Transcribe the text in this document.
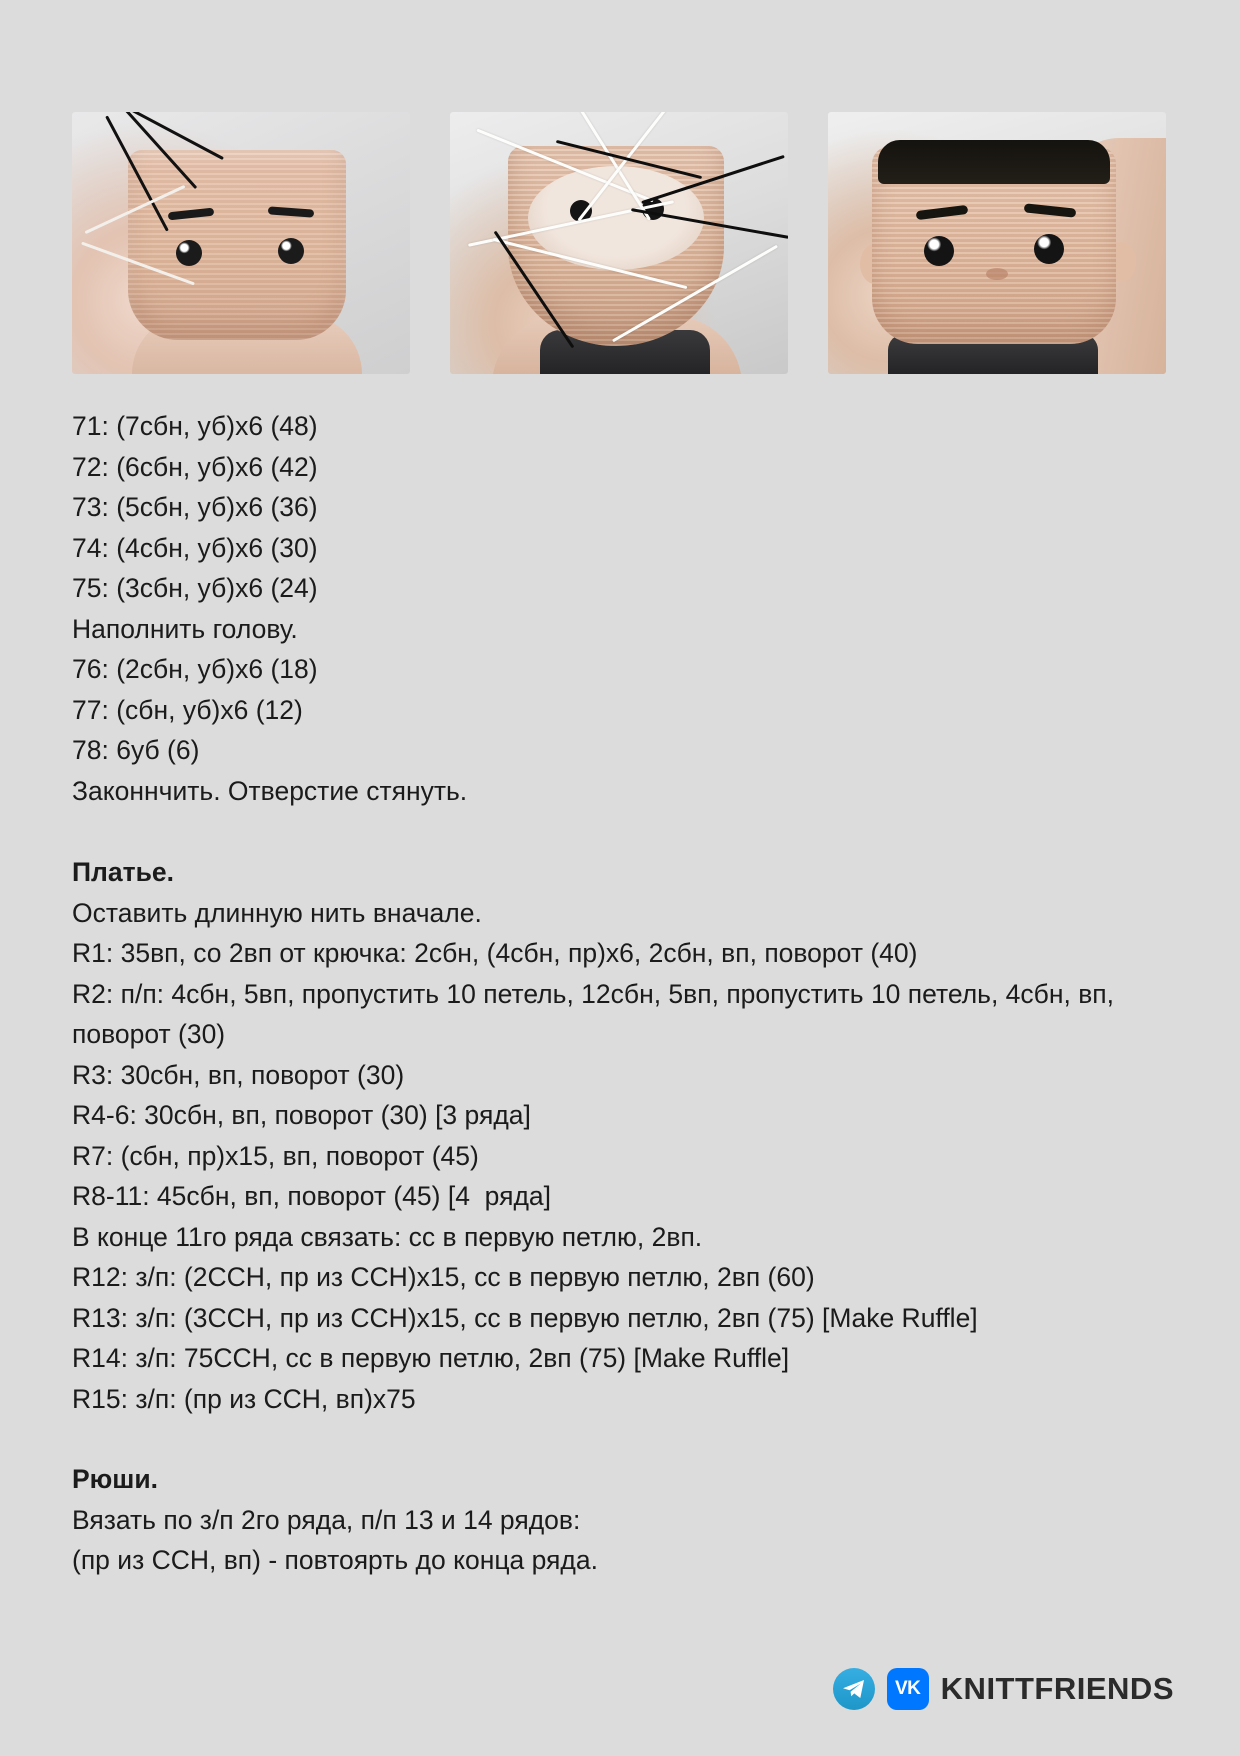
71: (7сбн, уб)х6 (48)
72: (6сбн, уб)х6 (42)
73: (5сбн, уб)х6 (36)
74: (4сбн, уб)х6 (30)
75: (3сбн, уб)х6 (24)
Наполнить голову.
76: (2сбн, уб)х6 (18)
77: (сбн, уб)х6 (12)
78: 6уб (6)
Законнчить. Отверстие стянуть.
Платье.
Оставить длинную нить вначале.
R1: 35вп, со 2вп от крючка: 2сбн, (4сбн, пр)х6, 2сбн, вп, поворот (40)
R2: п/п: 4сбн, 5вп, пропустить 10 петель, 12сбн, 5вп, пропустить 10 петель, 4сбн, вп, поворот (30)
R3: 30сбн, вп, поворот (30)
R4-6: 30сбн, вп, поворот (30) [3 ряда]
R7: (сбн, пр)х15, вп, поворот (45)
R8-11: 45сбн, вп, поворот (45) [4  ряда]
В конце 11го ряда связать: сс в первую петлю, 2вп.
R12: з/п: (2ССН, пр из ССН)х15, сс в первую петлю, 2вп (60)
R13: з/п: (3ССН, пр из ССН)х15, сс в первую петлю, 2вп (75) [Make Ruffle]
R14: з/п: 75ССН, сс в первую петлю, 2вп (75) [Make Ruffle]
R15: з/п: (пр из ССН, вп)х75
Рюши.
Вязать по з/п 2го ряда, п/п 13 и 14 рядов:
(пр из ССН, вп) - повтоярть до конца ряда.
VK KNITTFRIENDS
